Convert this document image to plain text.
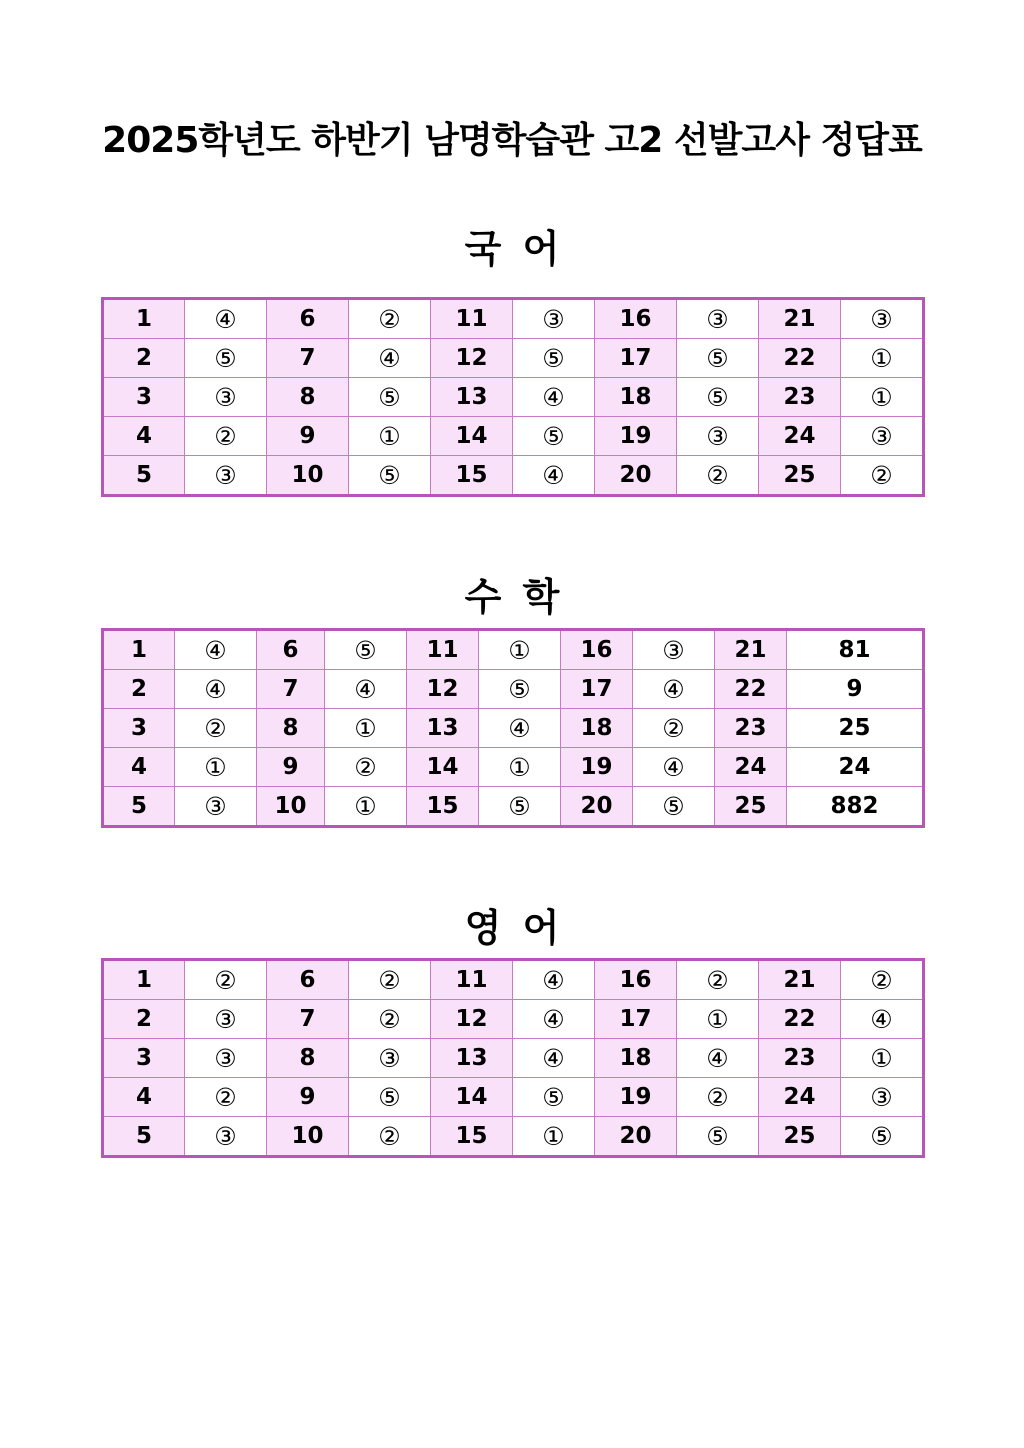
2025학년도 하반기 남명학습관 고2 선발고사 정답표
국 어
1	④	6	②	11	③	16	③	21	③
2	⑤	7	④	12	⑤	17	⑤	22	①
3	③	8	⑤	13	④	18	⑤	23	①
4	②	9	①	14	⑤	19	③	24	③
5	③	10	⑤	15	④	20	②	25	②
수 학
1	④	6	⑤	11	①	16	③	21	81
2	④	7	④	12	⑤	17	④	22	9
3	②	8	①	13	④	18	②	23	25
4	①	9	②	14	①	19	④	24	24
5	③	10	①	15	⑤	20	⑤	25	882
영 어
1	②	6	②	11	④	16	②	21	②
2	③	7	②	12	④	17	①	22	④
3	③	8	③	13	④	18	④	23	①
4	②	9	⑤	14	⑤	19	②	24	③
5	③	10	②	15	①	20	⑤	25	⑤
